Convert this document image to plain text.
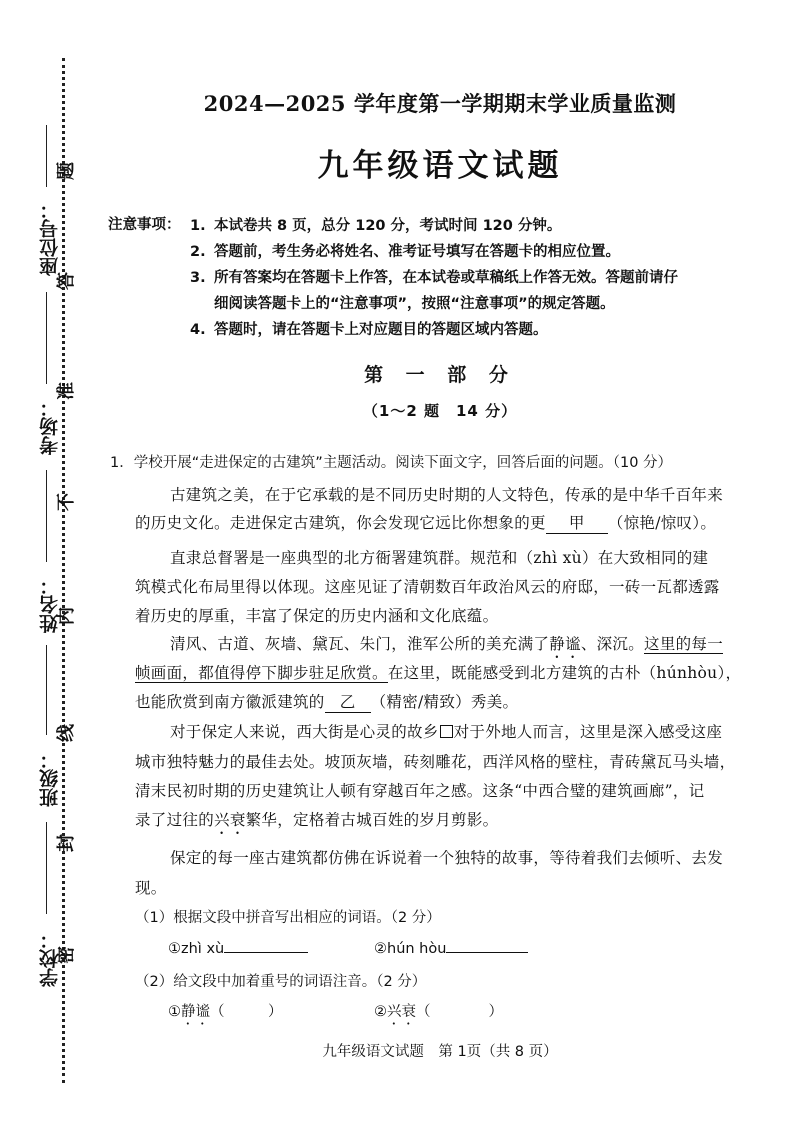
学校：
班级：
姓名：
考场：
座位号：
密
封
线
内
不
准
答
题
2024—2025 学年度第一学期期末学业质量监测
九年级语文试题
注意事项： 1. 本试卷共 8 页，总分 120 分，考试时间 120 分钟。
2. 答题前，考生务必将姓名、准考证号填写在答题卡的相应位置。
3. 所有答案均在答题卡上作答，在本试卷或草稿纸上作答无效。答题前请仔
细阅读答题卡上的“注意事项”，按照“注意事项”的规定答题。
4. 答题时，请在答题卡上对应题目的答题区域内答题。
第 一 部 分
（1～2 题　14 分）
1．学校开展“走进保定的古建筑”主题活动。阅读下面文字，回答后面的问题。（10 分）
古建筑之美，在于它承载的是不同历史时期的人文特色，传承的是中华千百年来
的历史文化。走进保定古建筑，你会发现它远比你想象的更 甲 （惊艳/惊叹）。
直隶总督署是一座典型的北方衙署建筑群。规范和（zhì xù）在大致相同的建
筑模式化布局里得以体现。这座见证了清朝数百年政治风云的府邸，一砖一瓦都透露
着历史的厚重，丰富了保定的历史内涵和文化底蕴。
清风、古道、灰墙、黛瓦、朱门，淮军公所的美充满了静谧、深沉。这里的每一
帧画面，都值得停下脚步驻足欣赏。在这里，既能感受到北方建筑的古朴（húnhòu），
也能欣赏到南方徽派建筑的 乙 （精密/精致）秀美。
对于保定人来说，西大街是心灵的故乡 对于外地人而言，这里是深入感受这座
城市独特魅力的最佳去处。坡顶灰墙，砖刻雕花，西洋风格的壁柱，青砖黛瓦马头墙，
清末民初时期的历史建筑让人顿有穿越百年之感。这条“中西合璧的建筑画廊”，记
录了过往的兴衰繁华，定格着古城百姓的岁月剪影。
保定的每一座古建筑都仿佛在诉说着一个独特的故事，等待着我们去倾听、去发
现。
（1）根据文段中拼音写出相应的词语。（2 分）
①zhì xù	②hún hòu
（2）给文段中加着重号的词语注音。（2 分）
①静谧（　　　）	②兴衰（　　　　）
九年级语文试题　第 1页（共 8 页）
